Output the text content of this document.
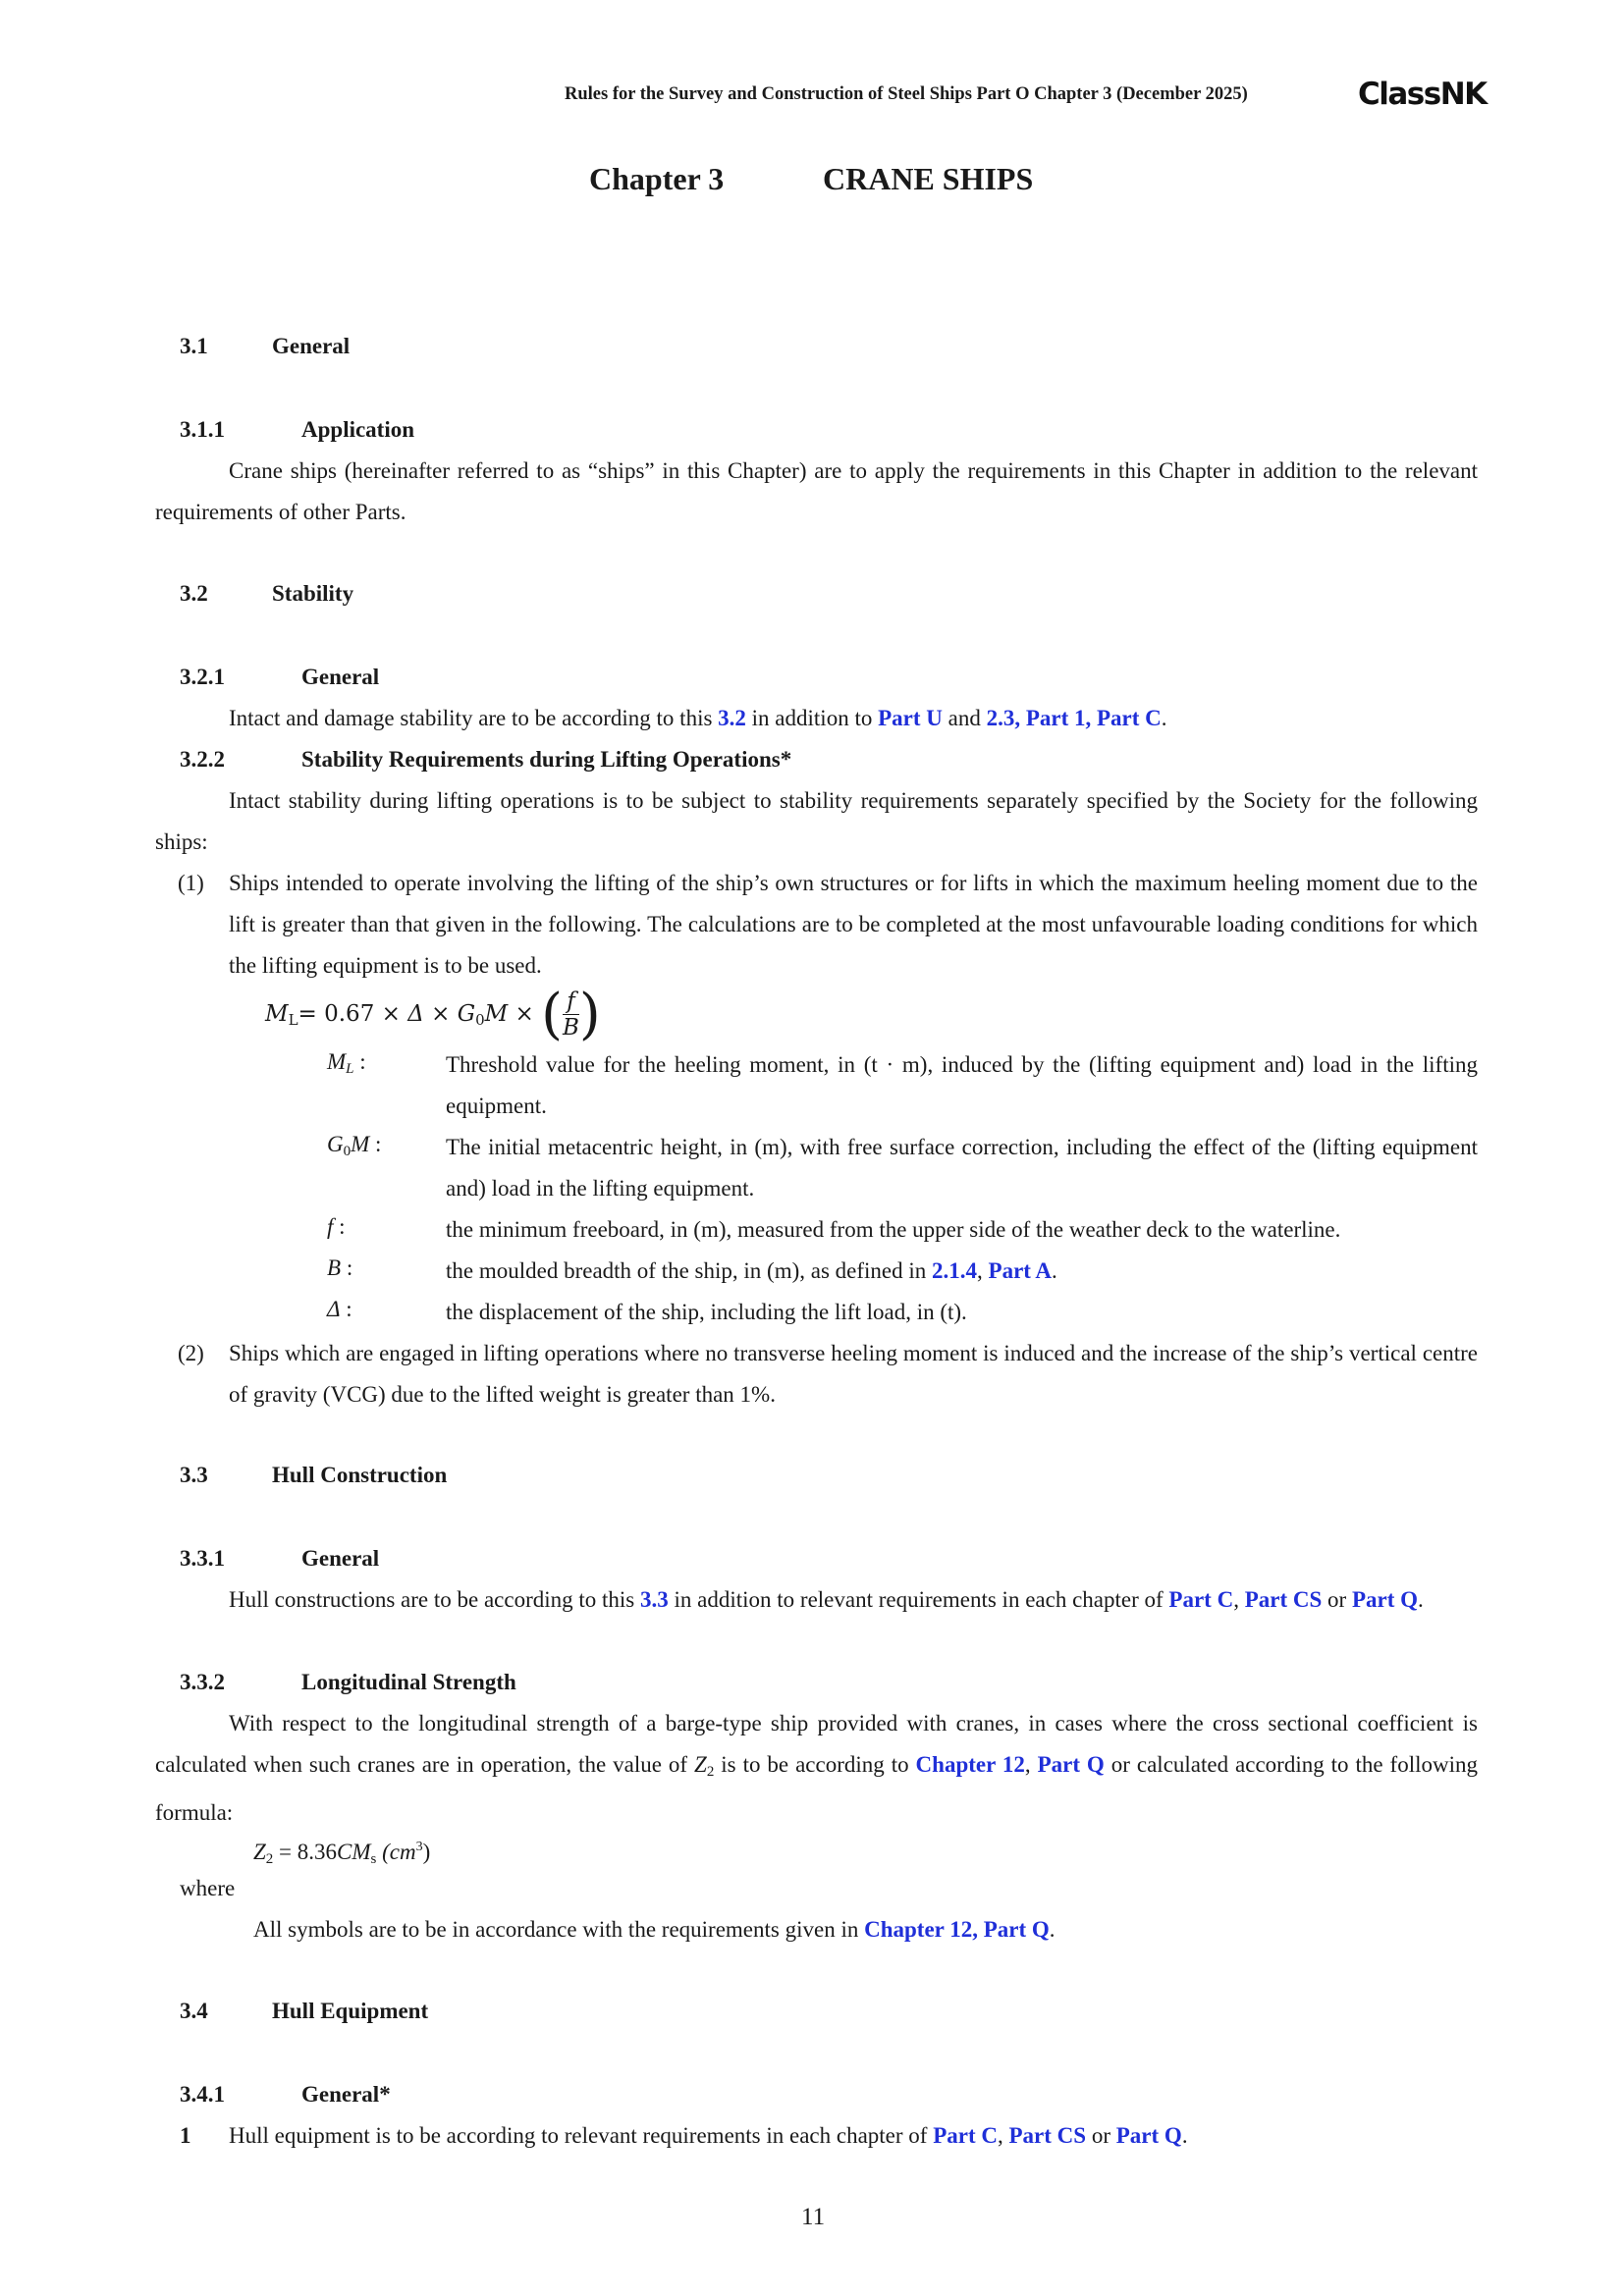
Rules for the Survey and Construction of Steel Ships Part O Chapter 3 (December 2025)	ClassNK
Chapter 3	CRANE SHIPS
3.1	General
3.1.1	Application
Crane ships (hereinafter referred to as “ships” in this Chapter) are to apply the requirements in this Chapter in addition to the relevant requirements of other Parts.
3.2	Stability
3.2.1	General
Intact and damage stability are to be according to this 3.2 in addition to Part U and 2.3, Part 1, Part C.
3.2.2	Stability Requirements during Lifting Operations*
Intact stability during lifting operations is to be subject to stability requirements separately specified by the Society for the following ships:
(1) Ships intended to operate involving the lifting of the ship’s own structures or for lifts in which the maximum heeling moment due to the lift is greater than that given in the following. The calculations are to be completed at the most unfavourable loading conditions for which the lifting equipment is to be used.
$M_L= 0.67 \times \Delta \times G_0M$ × ( $\frac{f}{B}$ )
$M_L$ :	Threshold value for the heeling moment, in (t · m), induced by the (lifting equipment and) load in the lifting equipment.
$G_0M$ :	The initial metacentric height, in (m), with free surface correction, including the effect of the (lifting equipment and) load in the lifting equipment.
f :	the minimum freeboard, in (m), measured from the upper side of the weather deck to the waterline.
B :	the moulded breadth of the ship, in (m), as defined in 2.1.4, Part A.
Δ :	the displacement of the ship, including the lift load, in (t).
(2) Ships which are engaged in lifting operations where no transverse heeling moment is induced and the increase of the ship’s vertical centre of gravity (VCG) due to the lifted weight is greater than 1%.
3.3	Hull Construction
3.3.1	General
Hull constructions are to be according to this 3.3 in addition to relevant requirements in each chapter of Part C, Part CS or Part Q.
3.3.2	Longitudinal Strength
With respect to the longitudinal strength of a barge-type ship provided with cranes, in cases where the cross sectional coefficient is calculated when such cranes are in operation, the value of $Z_2$ is to be according to Chapter 12, Part Q or calculated according to the following formula:
$Z_2 = 8.36CM_s$ $(cm^3)$
where
All symbols are to be in accordance with the requirements given in Chapter 12, Part Q.
3.4	Hull Equipment
3.4.1	General*
1 Hull equipment is to be according to relevant requirements in each chapter of Part C, Part CS or Part Q.
11
